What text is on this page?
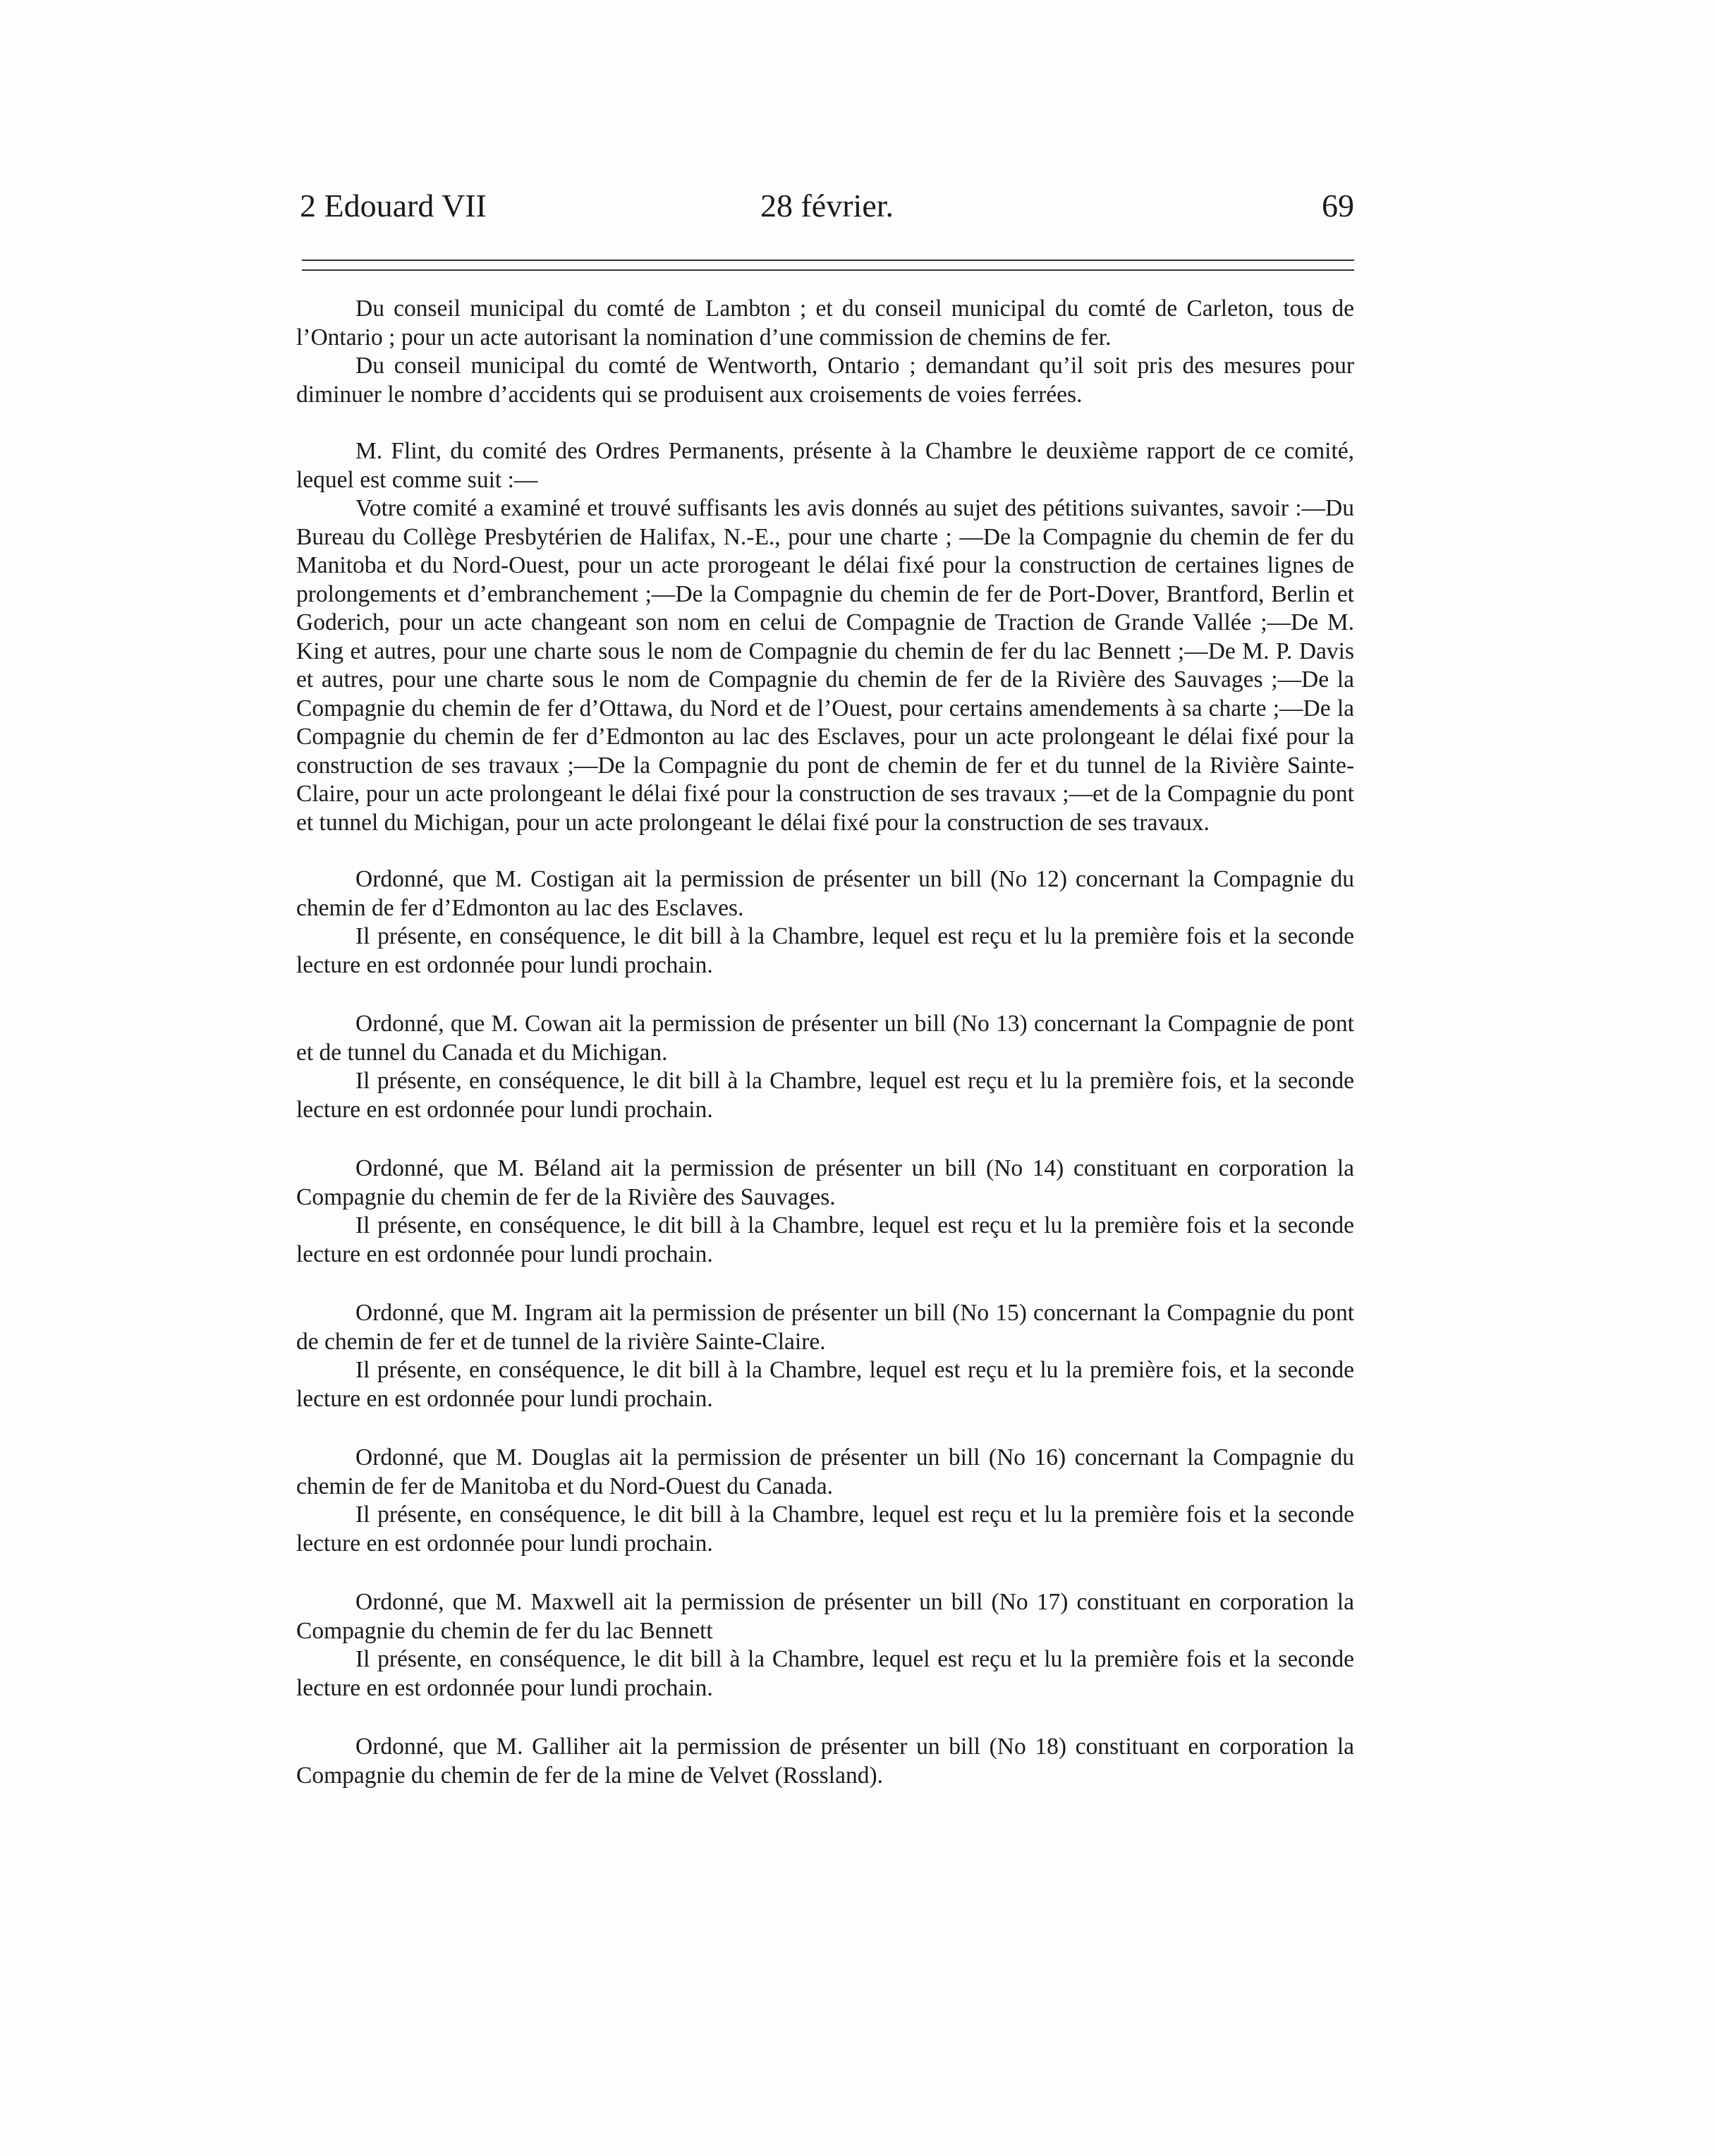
2 Edouard VII	28 février.	69

Du conseil municipal du comté de Lambton ; et du conseil municipal du comté de Carleton, tous de l’Ontario ; pour un acte autorisant la nomination d’une commission de chemins de fer.

Du conseil municipal du comté de Wentworth, Ontario ; demandant qu’il soit pris des mesures pour diminuer le nombre d’accidents qui se produisent aux croisements de voies ferrées.

M. Flint, du comité des Ordres Permanents, présente à la Chambre le deuxième rapport de ce comité, lequel est comme suit :—

Votre comité a examiné et trouvé suffisants les avis donnés au sujet des pétitions suivantes, savoir :—Du Bureau du Collège Presbytérien de Halifax, N.-E., pour une charte ; —De la Compagnie du chemin de fer du Manitoba et du Nord-Ouest, pour un acte prorogeant le délai fixé pour la construction de certaines lignes de prolongements et d’embranchement ;—De la Compagnie du chemin de fer de Port-Dover, Brantford, Berlin et Goderich, pour un acte changeant son nom en celui de Compagnie de Traction de Grande Vallée ;—De M. King et autres, pour une charte sous le nom de Compagnie du chemin de fer du lac Bennett ;—De M. P. Davis et autres, pour une charte sous le nom de Compagnie du chemin de fer de la Rivière des Sauvages ;—De la Compagnie du chemin de fer d’Ottawa, du Nord et de l’Ouest, pour certains amendements à sa charte ;—De la Compagnie du chemin de fer d’Edmonton au lac des Esclaves, pour un acte prolongeant le délai fixé pour la construction de ses travaux ;—De la Compagnie du pont de chemin de fer et du tunnel de la Rivière Sainte-Claire, pour un acte prolongeant le délai fixé pour la construction de ses travaux ;—et de la Compagnie du pont et tunnel du Michigan, pour un acte prolongeant le délai fixé pour la construction de ses travaux.

Ordonné, que M. Costigan ait la permission de présenter un bill (No 12) concernant la Compagnie du chemin de fer d’Edmonton au lac des Esclaves.

Il présente, en conséquence, le dit bill à la Chambre, lequel est reçu et lu la première fois et la seconde lecture en est ordonnée pour lundi prochain.

Ordonné, que M. Cowan ait la permission de présenter un bill (No 13) concernant la Compagnie de pont et de tunnel du Canada et du Michigan.

Il présente, en conséquence, le dit bill à la Chambre, lequel est reçu et lu la première fois, et la seconde lecture en est ordonnée pour lundi prochain.

Ordonné, que M. Béland ait la permission de présenter un bill (No 14) constituant en corporation la Compagnie du chemin de fer de la Rivière des Sauvages.

Il présente, en conséquence, le dit bill à la Chambre, lequel est reçu et lu la première fois et la seconde lecture en est ordonnée pour lundi prochain.

Ordonné, que M. Ingram ait la permission de présenter un bill (No 15) concernant la Compagnie du pont de chemin de fer et de tunnel de la rivière Sainte-Claire.

Il présente, en conséquence, le dit bill à la Chambre, lequel est reçu et lu la première fois, et la seconde lecture en est ordonnée pour lundi prochain.

Ordonné, que M. Douglas ait la permission de présenter un bill (No 16) concernant la Compagnie du chemin de fer de Manitoba et du Nord-Ouest du Canada.

Il présente, en conséquence, le dit bill à la Chambre, lequel est reçu et lu la première fois et la seconde lecture en est ordonnée pour lundi prochain.

Ordonné, que M. Maxwell ait la permission de présenter un bill (No 17) constituant en corporation la Compagnie du chemin de fer du lac Bennett

Il présente, en conséquence, le dit bill à la Chambre, lequel est reçu et lu la première fois et la seconde lecture en est ordonnée pour lundi prochain.

Ordonné, que M. Galliher ait la permission de présenter un bill (No 18) constituant en corporation la Compagnie du chemin de fer de la mine de Velvet (Rossland).
